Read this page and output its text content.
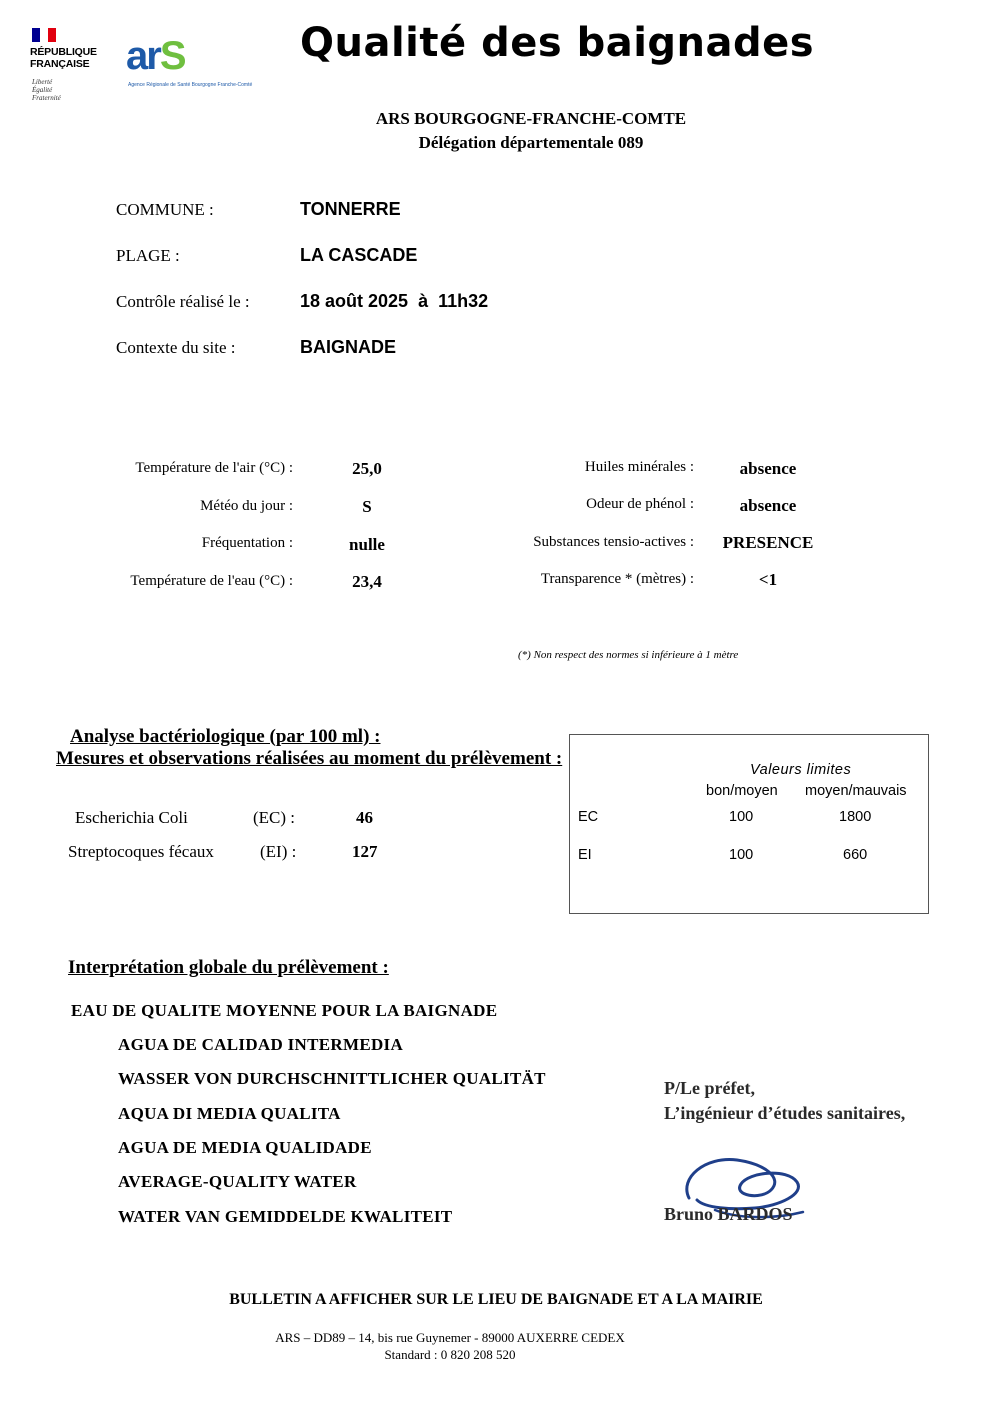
RÉPUBLIQUE
FRANÇAISE
Liberté
Égalité
Fraternité
arS
Agence Régionale de Santé Bourgogne Franche-Comté
Qualité des baignades
ARS BOURGOGNE-FRANCHE-COMTE
Délégation départementale 089
COMMUNE :	TONNERRE
PLAGE :	LA CASCADE
Contrôle réalisé le :	18 août 2025  à  11h32
Contexte du site :	BAIGNADE
Température de l'air (°C) :	25,0
Météo du jour :	S
Fréquentation :	nulle
Température de l'eau (°C) :	23,4
Huiles minérales :	absence
Odeur de phénol :	absence
Substances tensio-actives :	PRESENCE
Transparence * (mètres) :	<1
(*) Non respect des normes si inférieure à 1 mètre
Analyse bactériologique (par 100 ml) :
Mesures et observations réalisées au moment du prélèvement :
Escherichia Coli	(EC) :	46
Streptocoques fécaux	(EI) :	127
Valeurs limites
bon/moyen moyen/mauvais
EC	100	1800
EI	100	660
Interprétation globale du prélèvement :
EAU DE QUALITE MOYENNE POUR LA BAIGNADE
AGUA DE CALIDAD INTERMEDIA
WASSER VON DURCHSCHNITTLICHER QUALITÄT
AQUA DI MEDIA QUALITA
AGUA DE MEDIA QUALIDADE
AVERAGE-QUALITY WATER
WATER VAN GEMIDDELDE KWALITEIT
P/Le préfet,
L’ingénieur d’études sanitaires,
Bruno BARDOS
BULLETIN A AFFICHER SUR LE LIEU DE BAIGNADE ET A LA MAIRIE
ARS – DD89 – 14, bis rue Guynemer - 89000 AUXERRE CEDEX
Standard : 0 820 208 520
